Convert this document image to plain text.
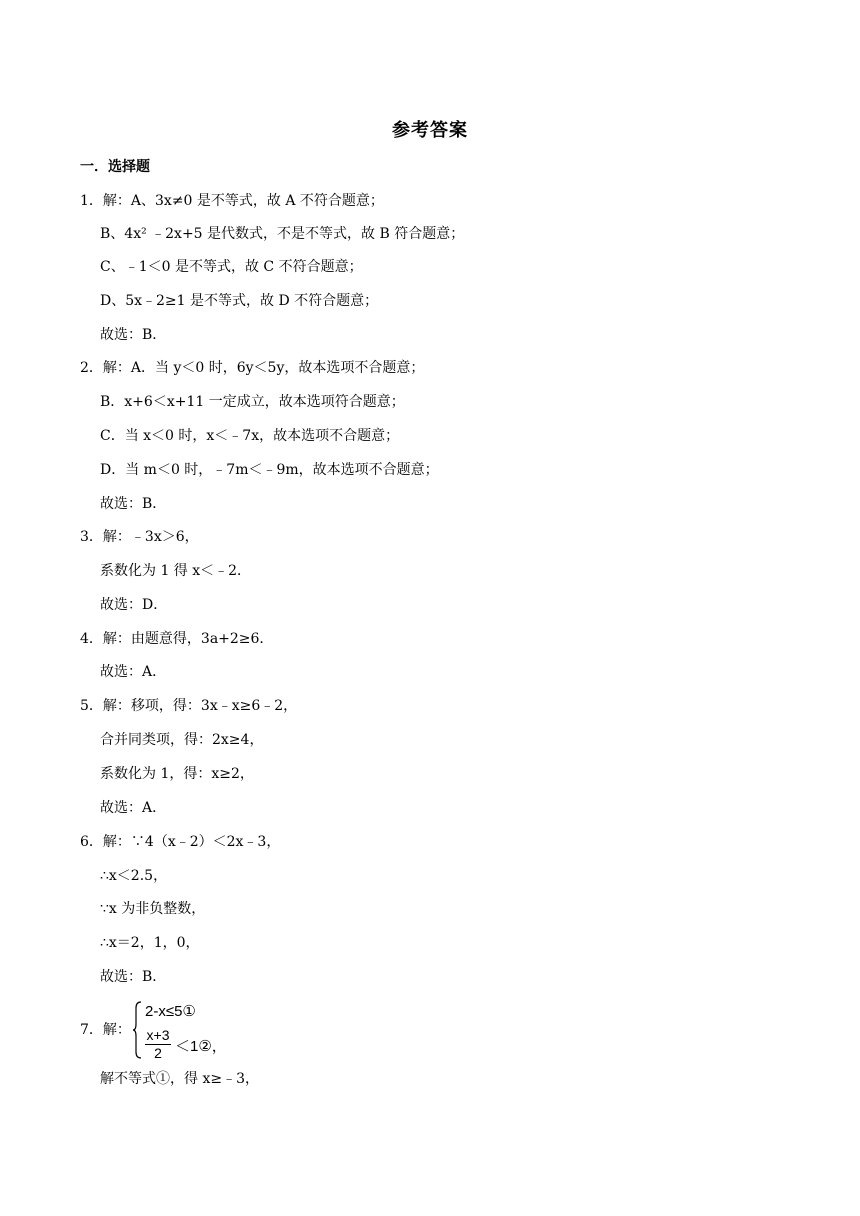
参考答案
一．选择题
1．解：A、3x≠0 是不等式，故 A 不符合题意；
B、4x² ﹣2x+5 是代数式，不是不等式，故 B 符合题意；
C、﹣1＜0 是不等式，故 C 不符合题意；
D、5x﹣2≥1 是不等式，故 D 不符合题意；
故选：B．
2．解：A．当 y＜0 时，6y＜5y，故本选项不合题意；
B．x+6＜x+11 一定成立，故本选项符合题意；
C．当 x＜0 时，x＜﹣7x，故本选项不合题意；
D．当 m＜0 时，﹣7m＜﹣9m，故本选项不合题意；
故选：B．
3．解：﹣3x＞6，
系数化为 1 得 x＜﹣2．
故选：D．
4．解：由题意得，3a+2≥6．
故选：A．
5．解：移项，得：3x﹣x≥6﹣2，
合并同类项，得：2x≥4，
系数化为 1，得：x≥2，
故选：A．
6．解：∵4（x﹣2）＜2x﹣3，
∴x＜2.5，
∵x 为非负整数，
∴x＝2，1，0，
故选：B．
7．解：
2-x≤5①
x+3
2 ＜1②，
解不等式①，得 x≥﹣3，
